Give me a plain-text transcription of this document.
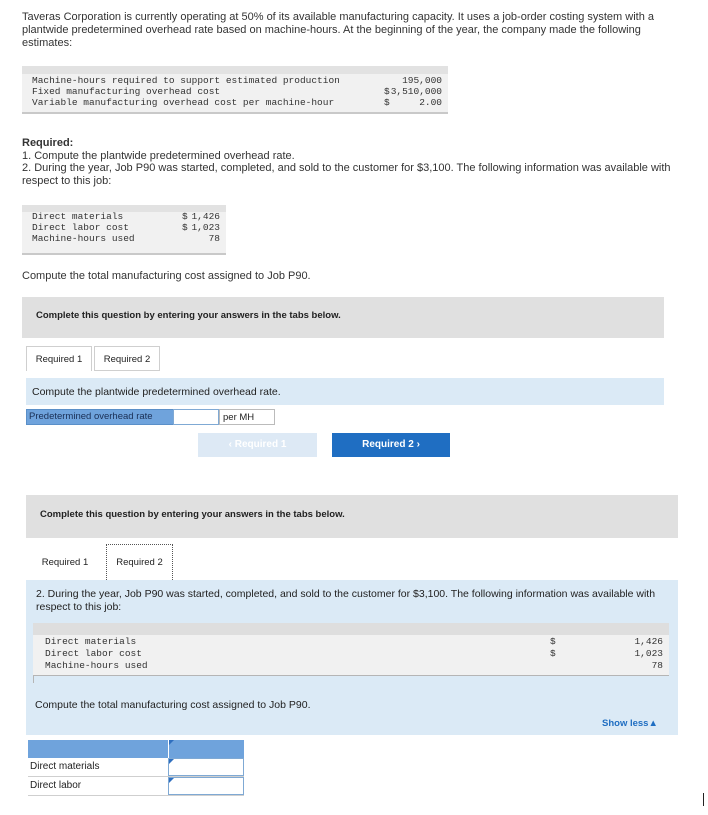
Taveras Corporation is currently operating at 50% of its available manufacturing capacity. It uses a job-order costing system with a plantwide predetermined overhead rate based on machine-hours. At the beginning of the year, the company made the following estimates:
Machine-hours required to support estimated production	195,000
Fixed manufacturing overhead cost	$ 3,510,000
Variable manufacturing overhead cost per machine-hour	$	2.00
Required:
1. Compute the plantwide predetermined overhead rate.
2. During the year, Job P90 was started, completed, and sold to the customer for $3,100. The following information was available with respect to this job:
Direct materials	$ 1,426
Direct labor cost	$ 1,023
Machine-hours used	78
Compute the total manufacturing cost assigned to Job P90.
Complete this question by entering your answers in the tabs below.
Required 1	Required 2
Compute the plantwide predetermined overhead rate.
Predetermined overhead rate	per MH
‹ Required 1	Required 2 ›
Complete this question by entering your answers in the tabs below.
Required 1	Required 2
2. During the year, Job P90 was started, completed, and sold to the customer for $3,100. The following information was available with respect to this job:
Direct materials	$	1,426
Direct labor cost	$	1,023
Machine-hours used	78
Compute the total manufacturing cost assigned to Job P90.
Show less▲
Direct materials
Direct labor
